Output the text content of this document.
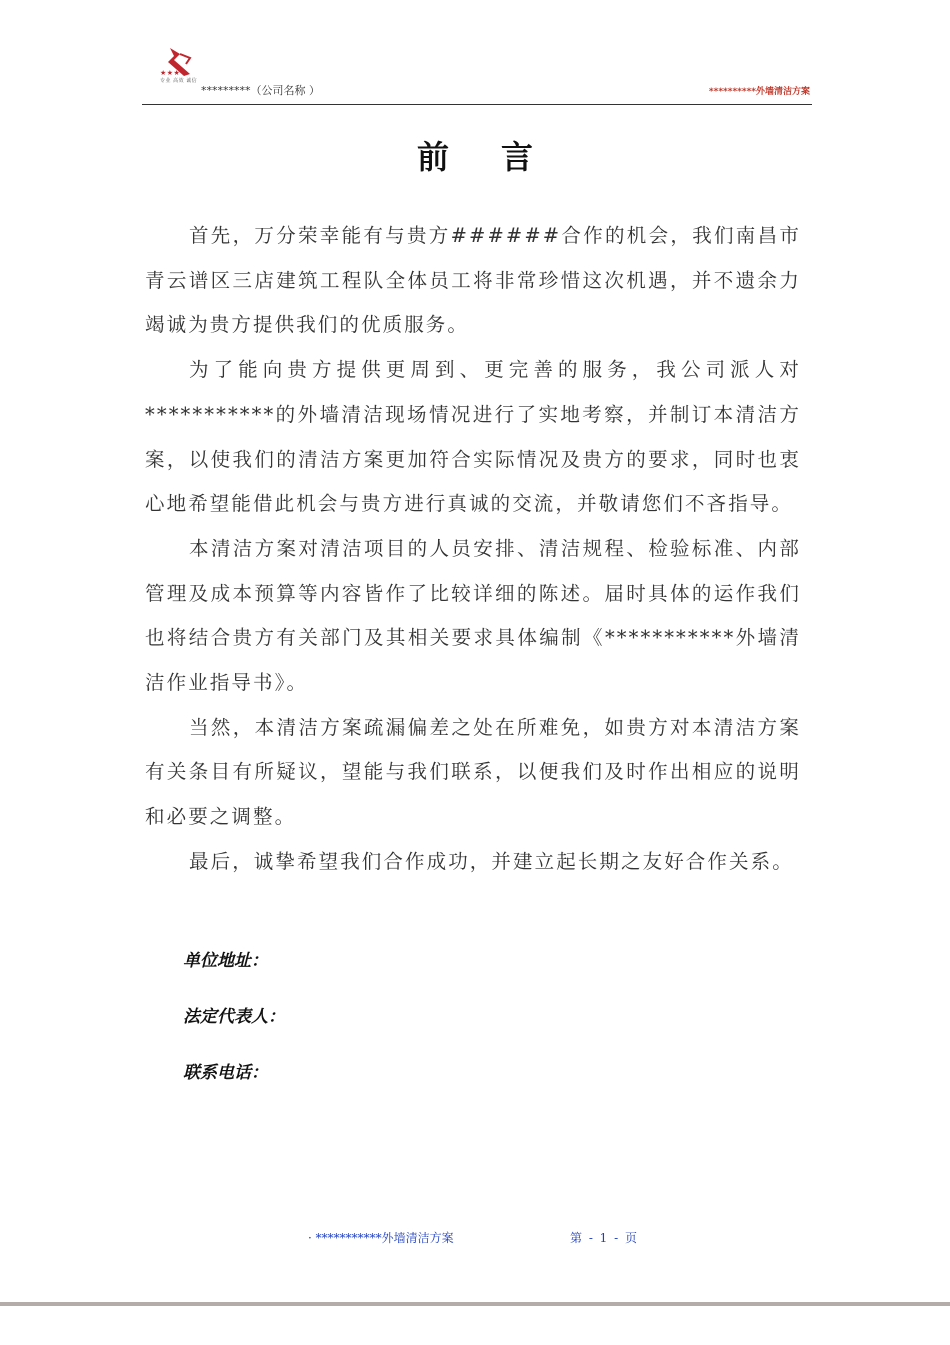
★★★
专业 高效 诚信
*********（公司名称 ）	**********外墙清洁方案
前言

首先，万分荣幸能有与贵方######合作的机会，我们南昌市青云谱区三店建筑工程队全体员工将非常珍惜这次机遇，并不遗余力竭诚为贵方提供我们的优质服务。

为了能向贵方提供更周到、更完善的服务，我公司派人对***********的外墙清洁现场情况进行了实地考察，并制订本清洁方案，以使我们的清洁方案更加符合实际情况及贵方的要求，同时也衷心地希望能借此机会与贵方进行真诚的交流，并敬请您们不吝指导。

本清洁方案对清洁项目的人员安排、清洁规程、检验标准、内部管理及成本预算等内容皆作了比较详细的陈述。届时具体的运作我们也将结合贵方有关部门及其相关要求具体编制《***********外墙清洁作业指导书》。

当然，本清洁方案疏漏偏差之处在所难免，如贵方对本清洁方案有关条目有所疑议，望能与我们联系，以便我们及时作出相应的说明和必要之调整。

最后，诚挚希望我们合作成功，并建立起长期之友好合作关系。

单位地址：
法定代表人：
联系电话：
· ***********外墙清洁方案	第 - 1 - 页
